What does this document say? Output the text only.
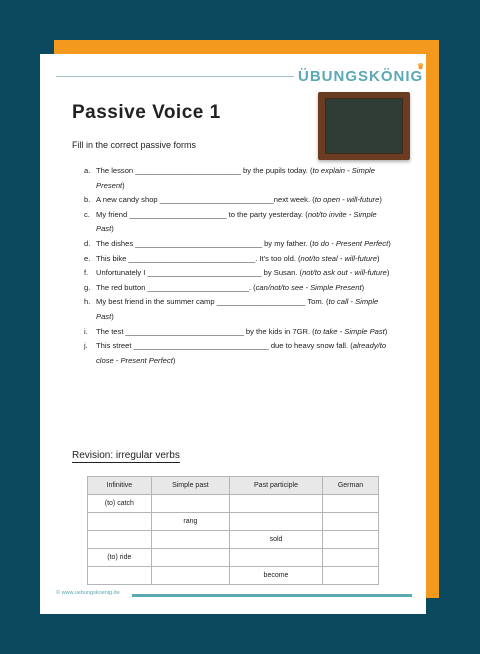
ÜBUNGSKÖNIG
♛
Passive Voice 1
Fill in the correct passive forms
a. The lesson _________________________ by the pupils today. (to explain - Simple Present)
b. A new candy shop ___________________________next week. (to open - will-future)
c. My friend _______________________ to the party yesterday. (not/to invite - Simple Past)
d. The dishes ______________________________ by my father. (to do - Present Perfect)
e. This bike ______________________________. It's too old. (not/to steal - will-future)
f. Unfortunately I ___________________________ by Susan. (not/to ask out - will-future)
g. The red button ________________________. (can/not/to see - Simple Present)
h. My best friend in the summer camp _____________________ Tom. (to call - Simple Past)
i. The test ____________________________ by the kids in 7GR. (to take - Simple Past)
j. This street ________________________________ due to heavy snow fall. (already/to close - Present Perfect)
Revision: irregular verbs
Infinitive	Simple past	Past participle	German
(to) catch			
	rang		
		sold	
(to) ride			
		become	
© www.uebungskoenig.de
